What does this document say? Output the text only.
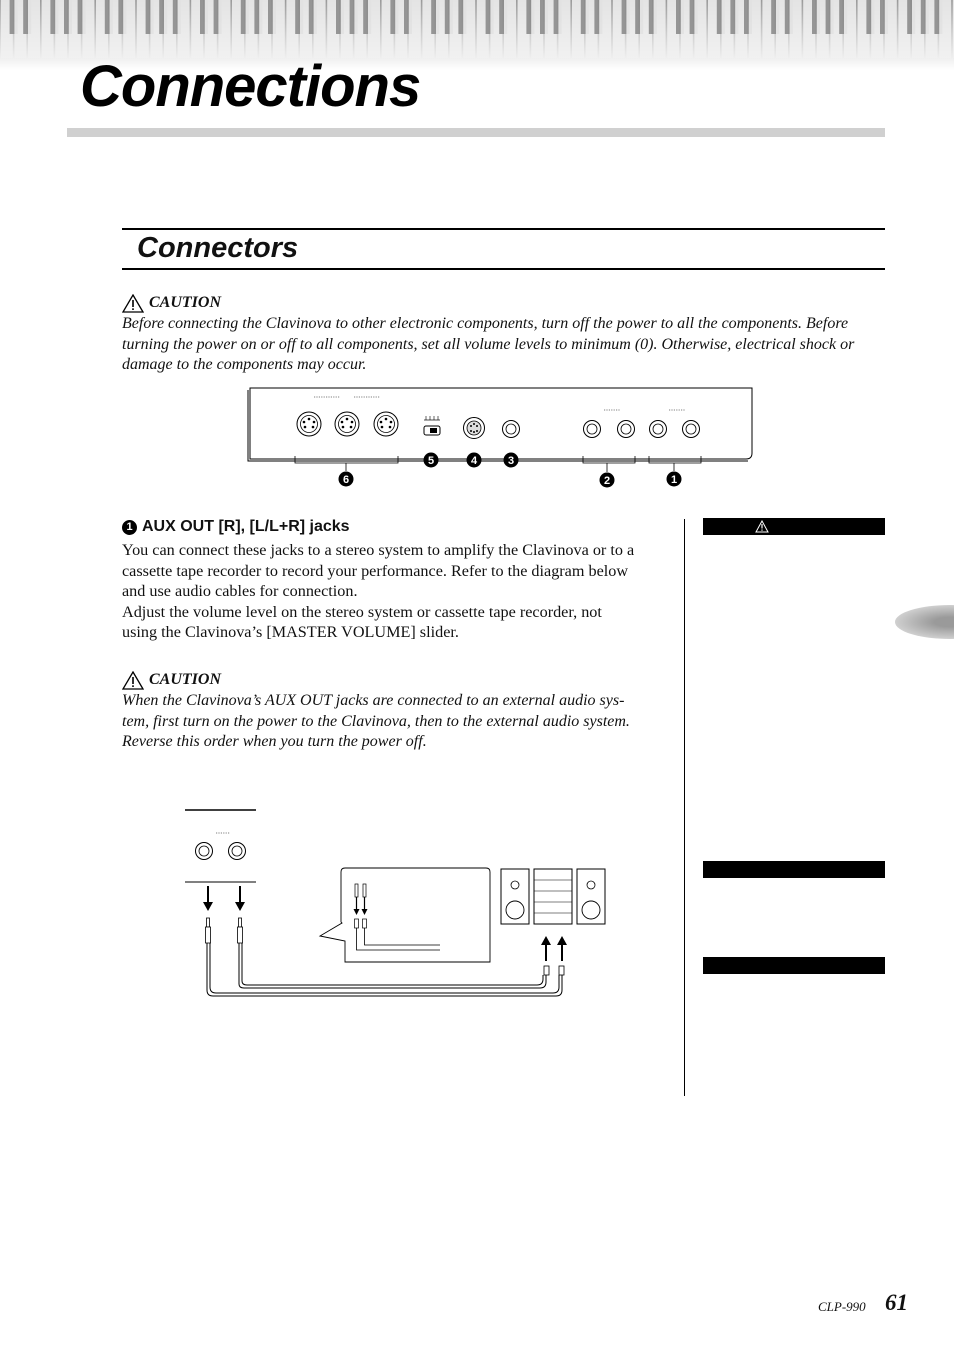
Connections
Connectors
CAUTION

Before connecting the Clavinova to other electronic components, turn off the power to all the components. Before
turning the power on or off to all components, set all volume levels to minimum (0). Otherwise, electrical shock or
damage to the components may occur.

6
5	4	3
2	1
1 AUX OUT [R], [L/L+R] jacks

You can connect these jacks to a stereo system to amplify the Clavinova or to a
cassette tape recorder to record your performance. Refer to the diagram below
and use audio cables for connection.
Adjust the volume level on the stereo system or cassette tape recorder, not
using the Clavinova’s [MASTER VOLUME] slider.

CAUTION

When the Clavinova’s AUX OUT jacks are connected to an external audio sys-
tem, first turn on the power to the Clavinova, then to the external audio system.
Reverse this order when you turn the power off.

CLP-990 61
